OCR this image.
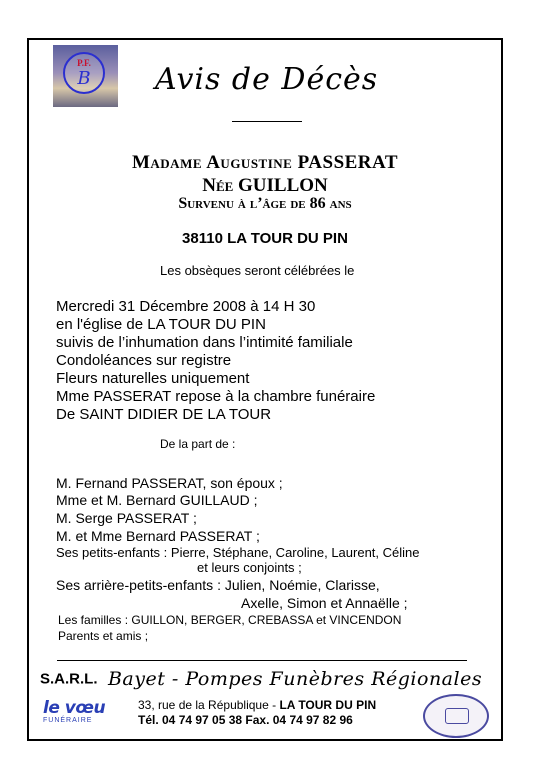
P.F.
B	Avis de Décès
Madame Augustine PASSERAT
Née GUILLON
Survenu à l’âge de 86 ans
38110 LA TOUR DU PIN
Les obsèques seront célébrées le
Mercredi 31 Décembre 2008 à 14 H 30
en l'église de LA TOUR DU PIN
suivis de l’inhumation dans l’intimité familiale
Condoléances sur registre
Fleurs naturelles uniquement
Mme PASSERAT repose à la chambre funéraire
De SAINT DIDIER DE LA TOUR
De la part de :
M. Fernand PASSERAT, son époux ;
Mme et M. Bernard GUILLAUD ;
M. Serge PASSERAT ;
M. et Mme Bernard PASSERAT ;
Ses petits-enfants : Pierre, Stéphane, Caroline, Laurent, Céline
et leurs conjoints ;
Ses arrière-petits-enfants : Julien, Noémie, Clarisse,
Axelle, Simon et Annaëlle ;
Les familles : GUILLON, BERGER, CREBASSA et VINCENDON
Parents et amis ;
S.A.R.L. Bayet - Pompes Funèbres Régionales
le vœu
FUNÉRAIRE
33, rue de la République - LA TOUR DU PIN
Tél. 04 74 97 05 38 Fax. 04 74 97 82 96
